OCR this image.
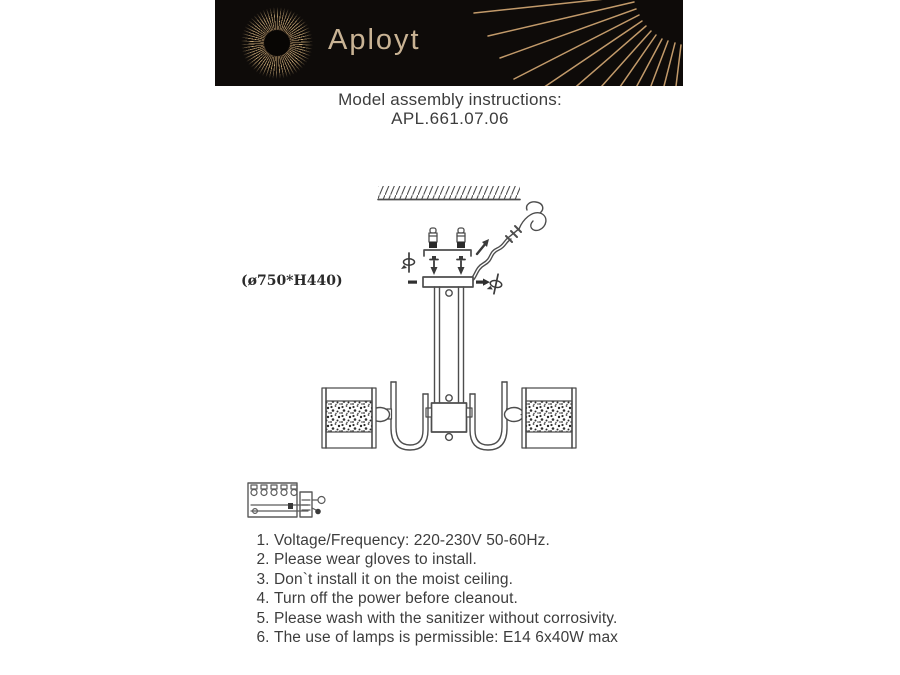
Aployt
Model assembly instructions:
APL.661.07.06
(ø750*H440)
1. Voltage/Frequency: 220-230V 50-60Hz.
2. Please wear gloves to install.
3. Don`t install it on the moist ceiling.
4. Turn off the power before cleanout.
5. Please wash with the sanitizer without corrosivity.
6. The use of lamps is permissible: E14 6x40W max
